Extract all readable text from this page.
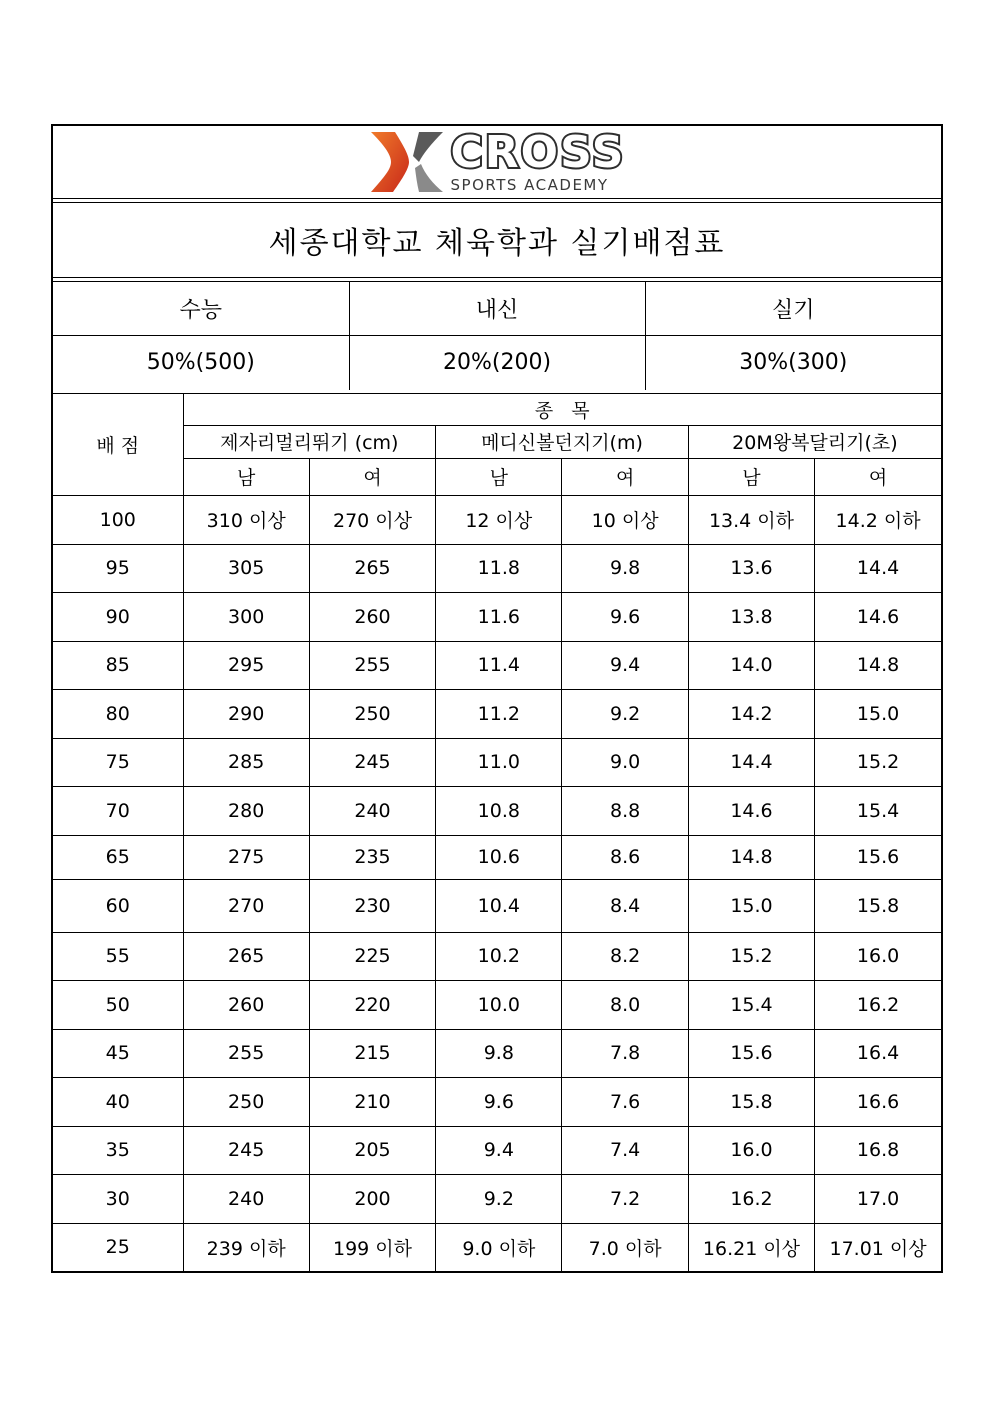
CROSS
SPORTS ACADEMY
세종대학교 체육학과 실기배점표
수능	내신	실기
50%(500)	20%(200)	30%(300)
배 점	종   목					
	제자리멀리뛰기 (cm)		메디신볼던지기(m)		20M왕복달리기(초)	
	남	여	남	여	남	여
100	310 이상	270 이상	12 이상	10 이상	13.4 이하	14.2 이하
95	305	265	11.8	9.8	13.6	14.4
90	300	260	11.6	9.6	13.8	14.6
85	295	255	11.4	9.4	14.0	14.8
80	290	250	11.2	9.2	14.2	15.0
75	285	245	11.0	9.0	14.4	15.2
70	280	240	10.8	8.8	14.6	15.4
65	275	235	10.6	8.6	14.8	15.6
60	270	230	10.4	8.4	15.0	15.8
55	265	225	10.2	8.2	15.2	16.0
50	260	220	10.0	8.0	15.4	16.2
45	255	215	9.8	7.8	15.6	16.4
40	250	210	9.6	7.6	15.8	16.6
35	245	205	9.4	7.4	16.0	16.8
30	240	200	9.2	7.2	16.2	17.0
25	239 이하	199 이하	9.0 이하	7.0 이하	16.21 이상	17.01 이상
